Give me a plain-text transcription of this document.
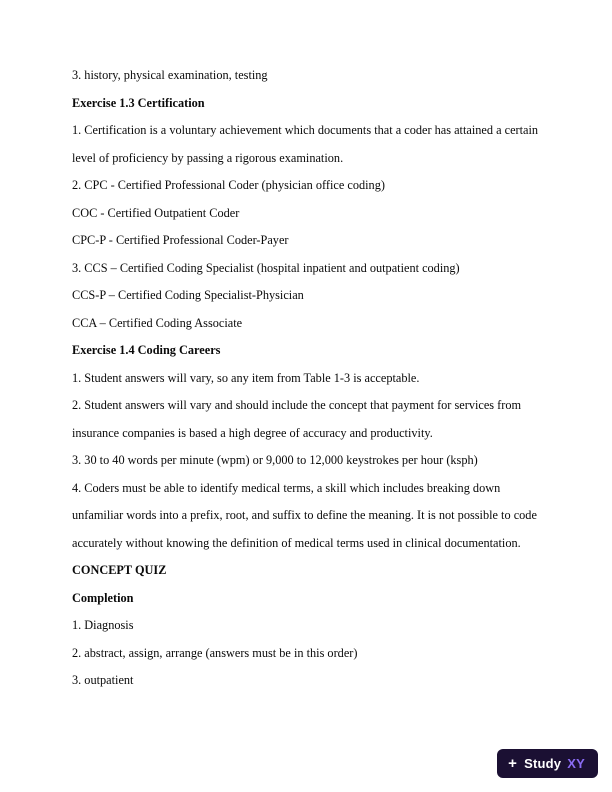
3. history, physical examination, testing

Exercise 1.3 Certification

1. Certification is a voluntary achievement which documents that a coder has attained a certain level of proficiency by passing a rigorous examination.

2. CPC - Certified Professional Coder (physician office coding)

COC - Certified Outpatient Coder

CPC-P - Certified Professional Coder-Payer

3. CCS – Certified Coding Specialist (hospital inpatient and outpatient coding)

CCS-P – Certified Coding Specialist-Physician

CCA – Certified Coding Associate

Exercise 1.4 Coding Careers

1. Student answers will vary, so any item from Table 1-3 is acceptable.

2. Student answers will vary and should include the concept that payment for services from insurance companies is based a high degree of accuracy and productivity.

3. 30 to 40 words per minute (wpm) or 9,000 to 12,000 keystrokes per hour (ksph)

4. Coders must be able to identify medical terms, a skill which includes breaking down unfamiliar words into a prefix, root, and suffix to define the meaning. It is not possible to code accurately without knowing the definition of medical terms used in clinical documentation.

CONCEPT QUIZ

Completion

1. Diagnosis

2. abstract, assign, arrange (answers must be in this order)

3. outpatient

+ Study XY
